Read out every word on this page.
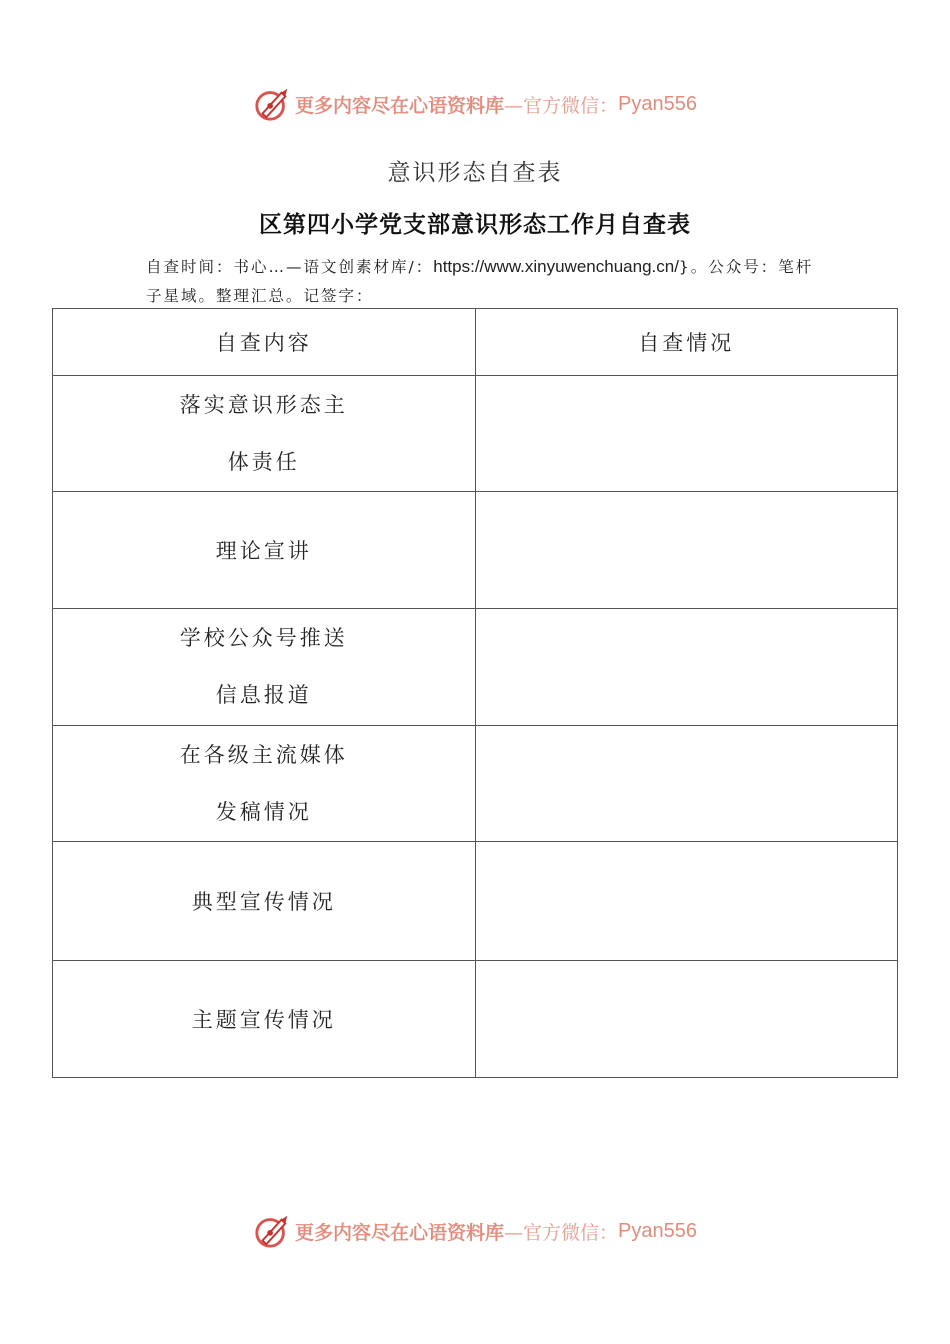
更多内容尽在心语资料库 —官方微信： Pyan556
意识形态自查表
区第四小学党支部意识形态工作月自查表
自查时间：书心…—语文创素材库/：https://www.xinyuwenchuang.cn/}。公众号：笔杆子星域。整理汇总。记签字：
自查内容	自查情况

落实意识形态主
体责任	

理论宣讲	

学校公众号推送
信息报道	

在各级主流媒体
发稿情况	

典型宣传情况	

主题宣传情况	

更多内容尽在心语资料库 —官方微信： Pyan556
